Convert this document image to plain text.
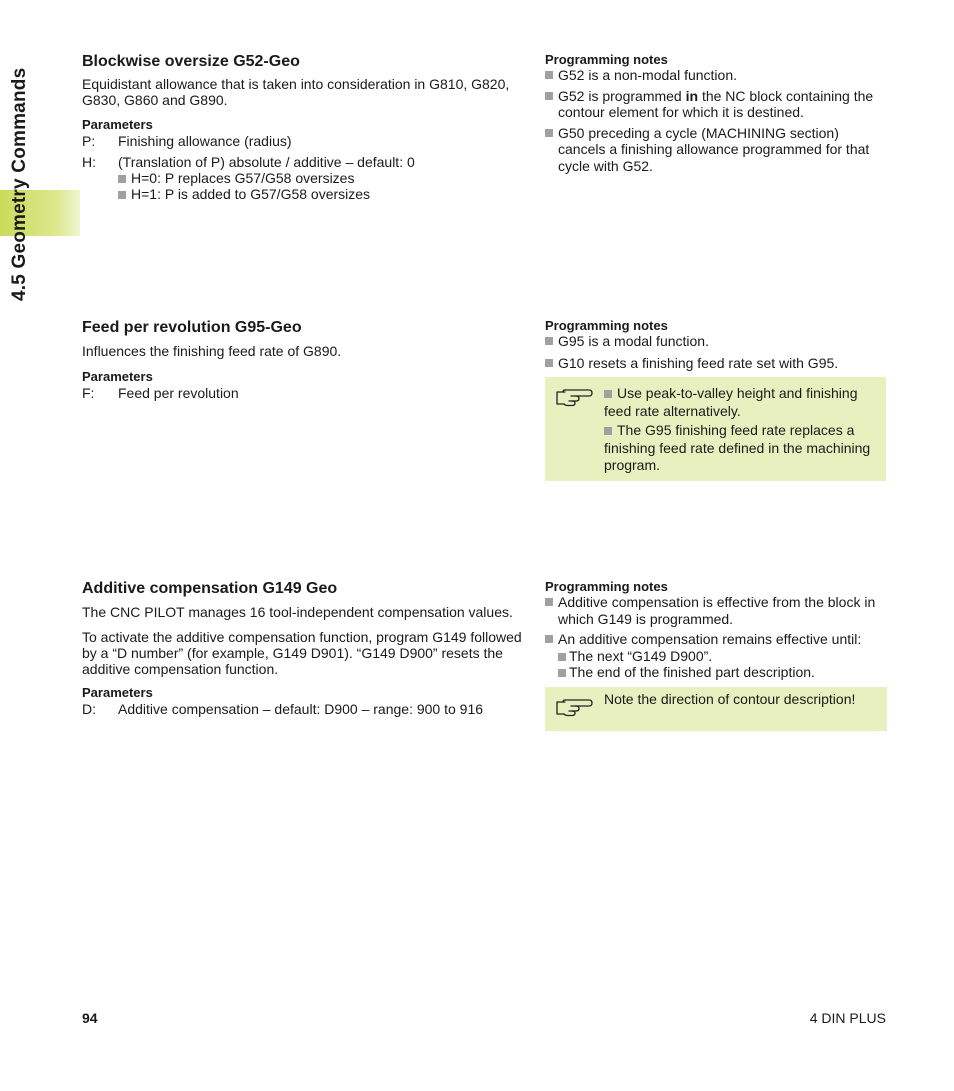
4.5 Geometry Commands
Blockwise oversize G52-Geo

Equidistant allowance that is taken into consideration in G810, G820, G830, G860 and G890.

Parameters
P: Finishing allowance (radius)
H: (Translation of P) absolute / additive – default: 0
H=0: P replaces G57/G58 oversizes
H=1: P is added to G57/G58 oversizes
Programming notes
G52 is a non-modal function.
G52 is programmed in the NC block containing the contour element for which it is destined.
G50 preceding a cycle (MACHINING section) cancels a finishing allowance programmed for that cycle with G52.
Feed per revolution G95-Geo

Influences the finishing feed rate of G890.

Parameters
F: Feed per revolution
Programming notes
G95 is a modal function.
G10 resets a finishing feed rate set with G95.
Use peak-to-valley height and finishing feed rate alternatively.
The G95 finishing feed rate replaces a finishing feed rate defined in the machining program.
Additive compensation G149 Geo

The CNC PILOT manages 16 tool-independent compensation values.

To activate the additive compensation function, program G149 followed by a “D number” (for example, G149 D901). “G149 D900” resets the additive compensation function.

Parameters
D: Additive compensation – default: D900 – range: 900 to 916
Programming notes
Additive compensation is effective from the block in which G149 is programmed.
An additive compensation remains effective until:
The next “G149 D900”.
The end of the finished part description.
Note the direction of contour description!
94	4 DIN PLUS
